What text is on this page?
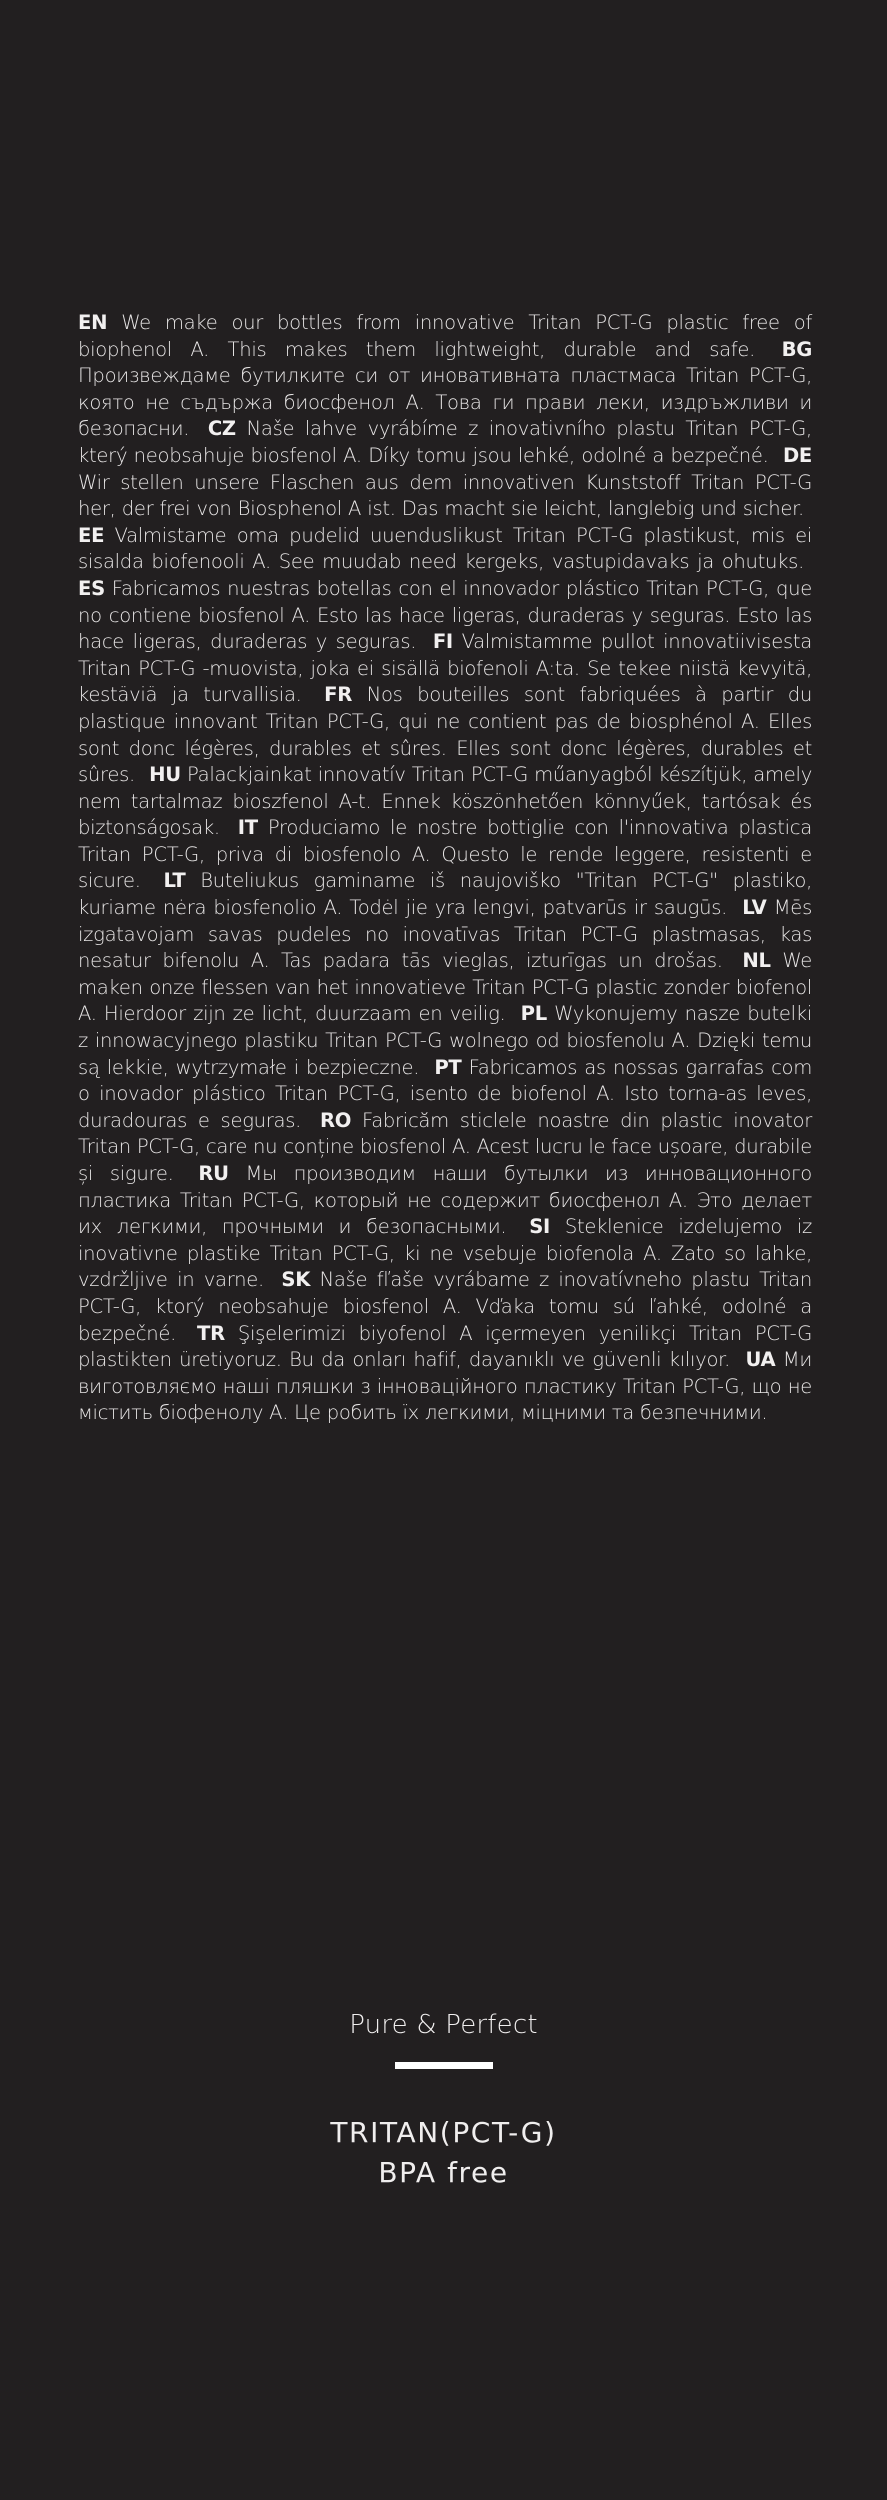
EN We make our bottles from innovative Tritan PCT-G plastic free of biophenol A. This makes them lightweight, durable and safe. BG Произвеждаме бутилките си от иновативната пластмаса Tritan PCT-G, която не съдържа биосфенол А. Това ги прави леки, издръжливи и безопасни. CZ Naše lahve vyrábíme z inovativního plastu Tritan PCT-G, který neobsahuje biosfenol A. Díky tomu jsou lehké, odolné a bezpečné. DE Wir stellen unsere Flaschen aus dem innovativen Kunststoff Tritan PCT-G her, der frei von Biosphenol A ist. Das macht sie leicht, langlebig und sicher. EE Valmistame oma pudelid uuenduslikust Tritan PCT-G plastikust, mis ei sisalda biofenooli A. See muudab need kergeks, vastupidavaks ja ohutuks. ES Fabricamos nuestras botellas con el innovador plástico Tritan PCT-G, que no contiene biosfenol A. Esto las hace ligeras, duraderas y seguras. Esto las hace ligeras, duraderas y seguras. FI Valmistamme pullot innovatiivisesta Tritan PCT-G -muovista, joka ei sisällä biofenoli A:ta. Se tekee niistä kevyitä, kestäviä ja turvallisia. FR Nos bouteilles sont fabriquées à partir du plastique innovant Tritan PCT-G, qui ne contient pas de biosphénol A. Elles sont donc légères, durables et sûres. Elles sont donc légères, durables et sûres. HU Palackjainkat innovatív Tritan PCT-G műanyagból készítjük, amely nem tartalmaz bioszfenol A-t. Ennek köszönhetően könnyűek, tartósak és biztonságosak. IT Produciamo le nostre bottiglie con l'innovativa plastica Tritan PCT-G, priva di biosfenolo A. Questo le rende leggere, resistenti e sicure. LT Buteliukus gaminame iš naujoviško "Tritan PCT-G" plastiko, kuriame nėra biosfenolio A. Todėl jie yra lengvi, patvarūs ir saugūs. LV Mēs izgatavojam savas pudeles no inovatīvas Tritan PCT-G plastmasas, kas nesatur bifenolu A. Tas padara tās vieglas, izturīgas un drošas. NL We maken onze flessen van het innovatieve Tritan PCT-G plastic zonder biofenol A. Hierdoor zijn ze licht, duurzaam en veilig. PL Wykonujemy nasze butelki z innowacyjnego plastiku Tritan PCT-G wolnego od biosfenolu A. Dzięki temu są lekkie, wytrzymałe i bezpieczne. PT Fabricamos as nossas garrafas com o inovador plástico Tritan PCT-G, isento de biofenol A. Isto torna-as leves, duradouras e seguras. RO Fabricăm sticlele noastre din plastic inovator Tritan PCT-G, care nu conține biosfenol A. Acest lucru le face ușoare, durabile și sigure. RU Мы производим наши бутылки из инновационного пластика Tritan PCT-G, который не содержит биосфенол А. Это делает их легкими, прочными и безопасными. SI Steklenice izdelujemo iz inovativne plastike Tritan PCT-G, ki ne vsebuje biofenola A. Zato so lahke, vzdržljive in varne. SK Naše fľaše vyrábame z inovatívneho plastu Tritan PCT-G, ktorý neobsahuje biosfenol A. Vďaka tomu sú ľahké, odolné a bezpečné. TR Şişelerimizi biyofenol A içermeyen yenilikçi Tritan PCT-G plastikten üretiyoruz. Bu da onları hafif, dayanıklı ve güvenli kılıyor. UA Ми виготовляємо наші пляшки з інноваційного пластику Tritan PCT-G, що не містить біофенолу А. Це робить їх легкими, міцними та безпечними.
Pure & Perfect
TRITAN(PCT-G)
BPA free
